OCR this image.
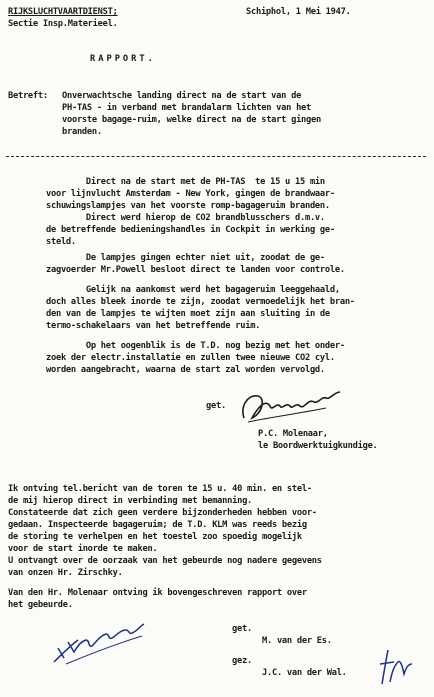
RIJKSLUCHTVAARTDIENST;
Sectie Insp.Materieel.
Schiphol, 1 Mei 1947.
RAPPORT.
Betreft: Onverwachtsche landing direct na de start van de
PH-TAS - in verband met brandalarm lichten van het
voorste bagage-ruim, welke direct na de start gingen
branden.
Direct na de start met de PH-TAS  te 15 u 15 min
voor lijnvlucht Amsterdam - New York, gingen de brandwaar-
schuwingslampjes van het voorste romp-bagageruim branden.
Direct werd hierop de CO2 brandblusschers d.m.v.
de betreffende bedieningshandles in Cockpit in werking ge-
steld.
De lampjes gingen echter niet uit, zoodat de ge-
zagvoerder Mr.Powell besloot direct te landen voor controle.
Gelijk na aankomst werd het bagageruim leeggehaald,
doch alles bleek inorde te zijn, zoodat vermoedelijk het bran-
den van de lampjes te wijten moet zijn aan sluiting in de
termo-schakelaars van het betreffende ruim.
Op het oogenblik is de T.D. nog bezig met het onder-
zoek der electr.installatie en zullen twee nieuwe CO2 cyl.
worden aangebracht, waarna de start zal worden vervolgd.
get.
P.C. Molenaar,
le Boordwerktuigkundige.
Ik ontving tel.bericht van de toren te 15 u. 40 min. en stel-
de mij hierop direct in verbinding met bemanning.
Constateerde dat zich geen verdere bijzonderheden hebben voor-
gedaan. Inspecteerde bagageruim; de T.D. KLM was reeds bezig
de storing te verhelpen en het toestel zoo spoedig mogelijk
voor de start inorde te maken.
U ontvangt over de oorzaak van het gebeurde nog nadere gegevens
van onzen Hr. Zirschky.
Van den Hr. Molenaar ontving ik bovengeschreven rapport over
het gebeurde.
get.
M. van der Es.
gez.
J.C. van der Wal.
